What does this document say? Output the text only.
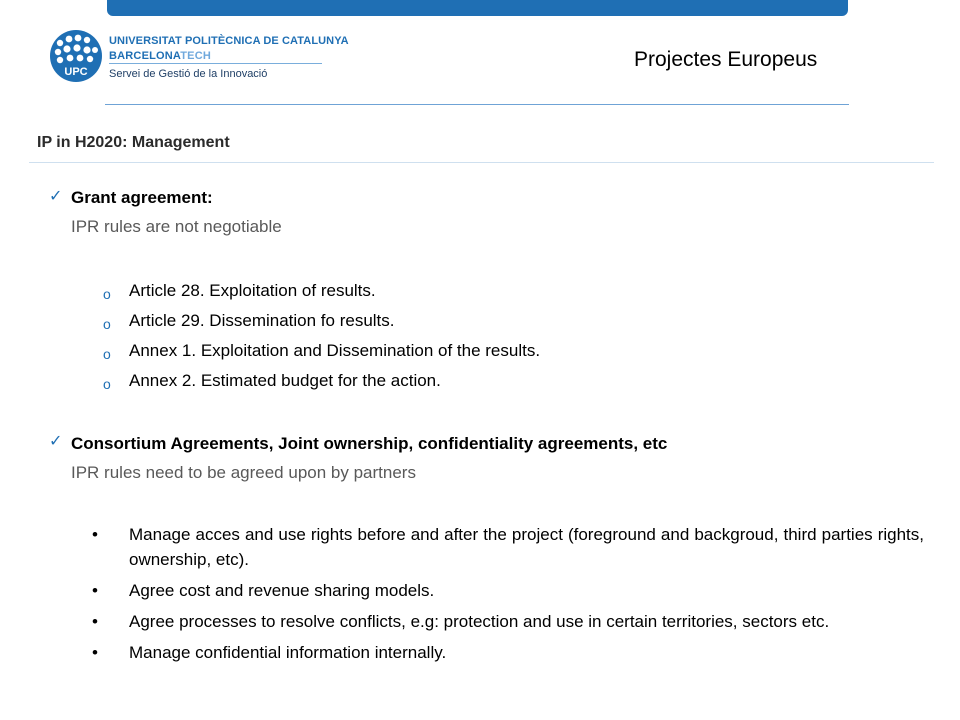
UPC
UNIVERSITAT POLITÈCNICA DE CATALUNYA
BARCELONATECH
Servei de Gestió de la Innovació
Projectes Europeus
IP in H2020: Management
✓ Grant agreement:
IPR rules are not negotiable
o Article 28. Exploitation of results.
o Article 29. Dissemination fo results.
o Annex 1. Exploitation and Dissemination of the results.
o Annex 2. Estimated budget for the action.
✓ Consortium Agreements, Joint ownership, confidentiality agreements, etc
IPR rules need to be agreed upon by partners
• Manage acces and use rights before and after the project (foreground and backgroud, third parties rights, ownership, etc).
• Agree cost and revenue sharing models.
• Agree processes to resolve conflicts, e.g: protection and use in certain territories, sectors etc.
• Manage confidential information internally.
